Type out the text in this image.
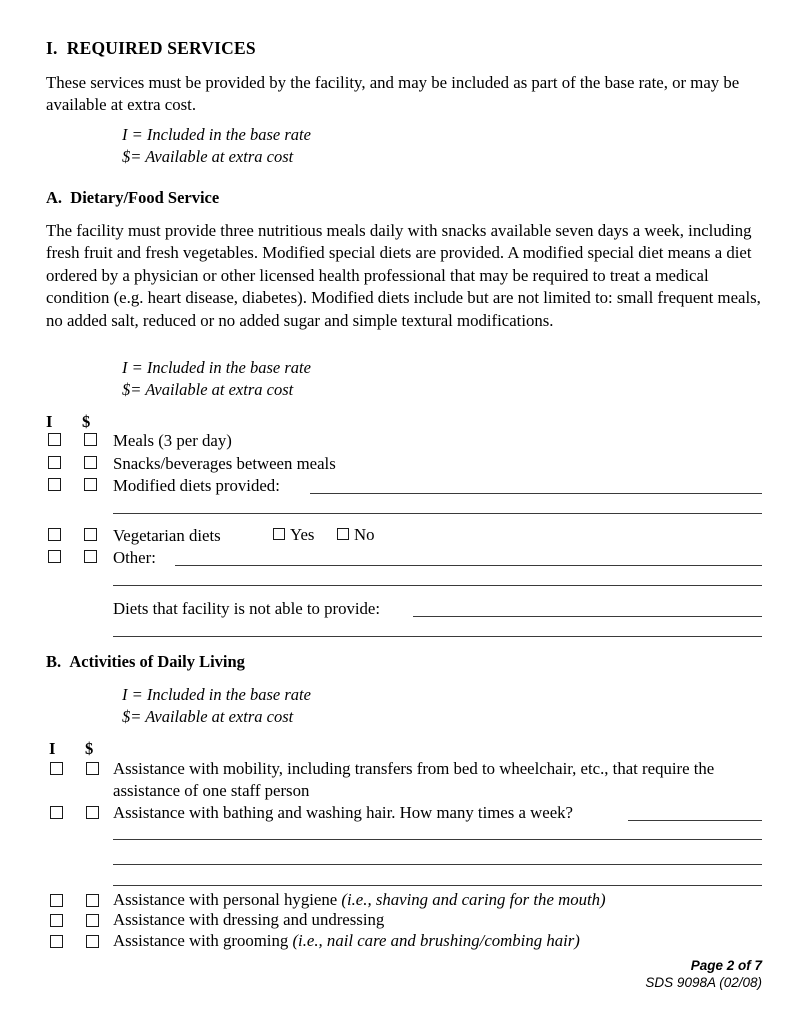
I. REQUIRED SERVICES
These services must be provided by the facility, and may be included as part of the base rate, or may be available at extra cost.
I = Included in the base rate
$= Available at extra cost
A. Dietary/Food Service
The facility must provide three nutritious meals daily with snacks available seven days a week, including fresh fruit and fresh vegetables. Modified special diets are provided. A modified special diet means a diet ordered by a physician or other licensed health professional that may be required to treat a medical condition (e.g. heart disease, diabetes). Modified diets include but are not limited to: small frequent meals, no added salt, reduced or no added sugar and simple textural modifications.
I = Included in the base rate
$= Available at extra cost
I $
Meals (3 per day)
Snacks/beverages between meals
Modified diets provided:
Vegetarian diets	Yes No
Other:
Diets that facility is not able to provide:
B. Activities of Daily Living
I = Included in the base rate
$= Available at extra cost
I $
Assistance with mobility, including transfers from bed to wheelchair, etc., that require the assistance of one staff person
Assistance with bathing and washing hair. How many times a week?
Assistance with personal hygiene (i.e., shaving and caring for the mouth)
Assistance with dressing and undressing
Assistance with grooming (i.e., nail care and brushing/combing hair)
Page 2 of 7
SDS 9098A (02/08)
